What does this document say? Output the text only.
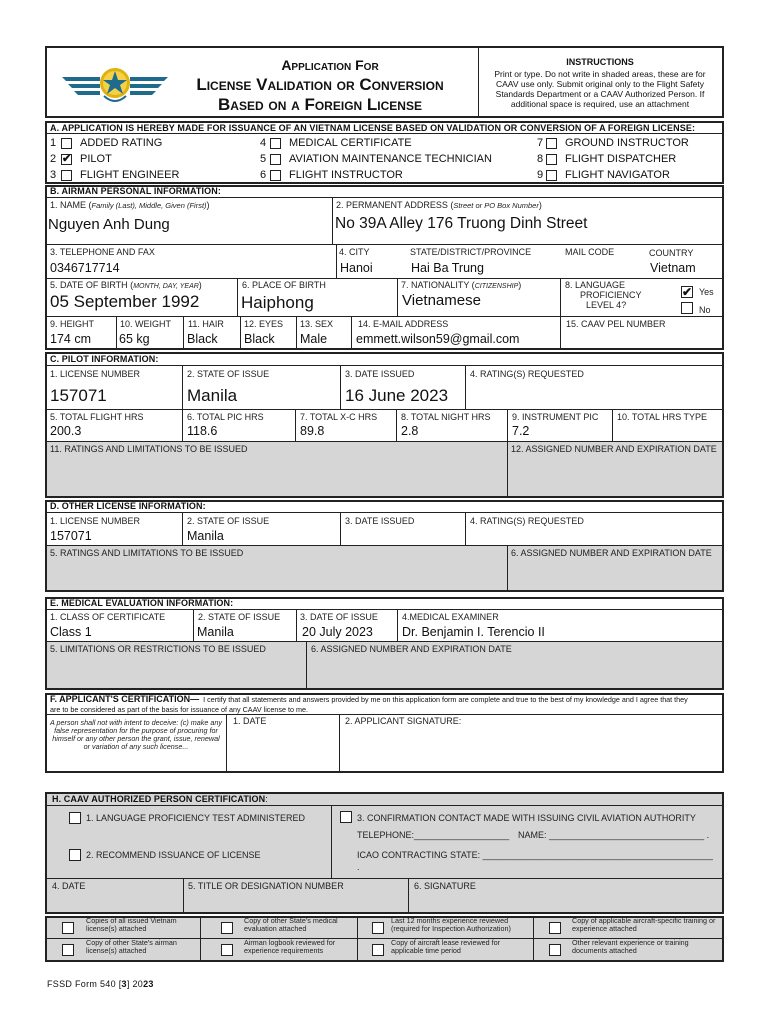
Application For
License Validation or Conversion
Based on a Foreign License
INSTRUCTIONS
Print or type. Do not write in shaded areas, these are for
CAAV use only. Submit original only to the Flight Safety
Standards Department or a CAAV Authorized Person. If
additional space is required, use an attachment
A. APPLICATION IS HEREBY MADE FOR ISSUANCE OF AN VIETNAM LICENSE BASED ON VALIDATION OR CONVERSION OF A FOREIGN LICENSE:
1 ADDED RATING
2 ✔ PILOT
3 FLIGHT ENGINEER
4 MEDICAL CERTIFICATE
5 AVIATION MAINTENANCE TECHNICIAN
6 FLIGHT INSTRUCTOR
7 GROUND INSTRUCTOR
8 FLIGHT DISPATCHER
9 FLIGHT NAVIGATOR
B. AIRMAN PERSONAL INFORMATION:
1. NAME (Family (Last), Middle, Given (First))
Nguyen Anh Dung
2. PERMANENT ADDRESS (Street or PO Box Number)
No 39A Alley 176 Truong Dinh Street
3. TELEPHONE AND FAX
0346717714
4. CITY
Hanoi
STATE/DISTRICT/PROVINCE
Hai Ba Trung
MAIL CODE	COUNTRY
Vietnam
5. DATE OF BIRTH (MONTH, DAY, YEAR)
05 September 1992
6. PLACE OF BIRTH
Haiphong
7. NATIONALITY (CITIZENSHIP)
Vietnamese
8. LANGUAGE
PROFICIENCY
LEVEL 4?
✔ Yes
No
9. HEIGHT
174 cm
10. WEIGHT
65 kg
11. HAIR
Black
12. EYES
Black
13. SEX
Male
14. E-MAIL ADDRESS
emmett.wilson59@gmail.com
15. CAAV PEL NUMBER
C. PILOT INFORMATION:
1. LICENSE NUMBER
157071
2. STATE OF ISSUE
Manila
3. DATE ISSUED
16 June 2023
4. RATING(S) REQUESTED
5. TOTAL FLIGHT HRS
200.3
6. TOTAL PIC HRS
118.6
7. TOTAL X-C HRS
89.8
8. TOTAL NIGHT HRS
2.8
9. INSTRUMENT PIC
7.2
10. TOTAL HRS TYPE
11. RATINGS AND LIMITATIONS TO BE ISSUED	12. ASSIGNED NUMBER AND EXPIRATION DATE
D. OTHER LICENSE INFORMATION:
1. LICENSE NUMBER
157071
2. STATE OF ISSUE
Manila
3. DATE ISSUED	4. RATING(S) REQUESTED
5. RATINGS AND LIMITATIONS TO BE ISSUED	6. ASSIGNED NUMBER AND EXPIRATION DATE
E. MEDICAL EVALUATION INFORMATION:
1. CLASS OF CERTIFICATE
Class 1
2. STATE OF ISSUE
Manila
3. DATE OF ISSUE
20 July 2023
4.MEDICAL EXAMINER
Dr. Benjamin I. Terencio II
5. LIMITATIONS OR RESTRICTIONS TO BE ISSUED	6. ASSIGNED NUMBER AND EXPIRATION DATE
F. APPLICANT'S CERTIFICATION— I certify that all statements and answers provided by me on this application form are complete and true to the best of my knowledge and I agree that they
are to be considered as part of the basis for issuance of any CAAV license to me.
A person shall not with intent to deceive: (c) make any false representation for the purpose of procuring for himself or any other person the grant, issue, renewal or variation of any such license...
1. DATE	2. APPLICANT SIGNATURE:
H. CAAV AUTHORIZED PERSON CERTIFICATION:
1. LANGUAGE PROFICIENCY TEST ADMINISTERED
2. RECOMMEND ISSUANCE OF LICENSE
3. CONFIRMATION CONTACT MADE WITH ISSUING CIVIL AVIATION AUTHORITY
TELEPHONE:___________________ NAME: _______________________________ .
ICAO CONTRACTING STATE: ______________________________________________
.
4. DATE	5. TITLE OR DESIGNATION NUMBER	6. SIGNATURE
Copies of all issued Vietnam license(s) attached
Copy of other State's medical evaluation attached
Last 12 months experience reviewed (required for Inspection Authorization)
Copy of applicable aircraft-specific training or experience attached
Copy of other State's airman license(s) attached
Airman logbook reviewed for experience requirements
Copy of aircraft lease reviewed for applicable time period
Other relevant experience or training documents attached
FSSD Form 540 [3] 2023
